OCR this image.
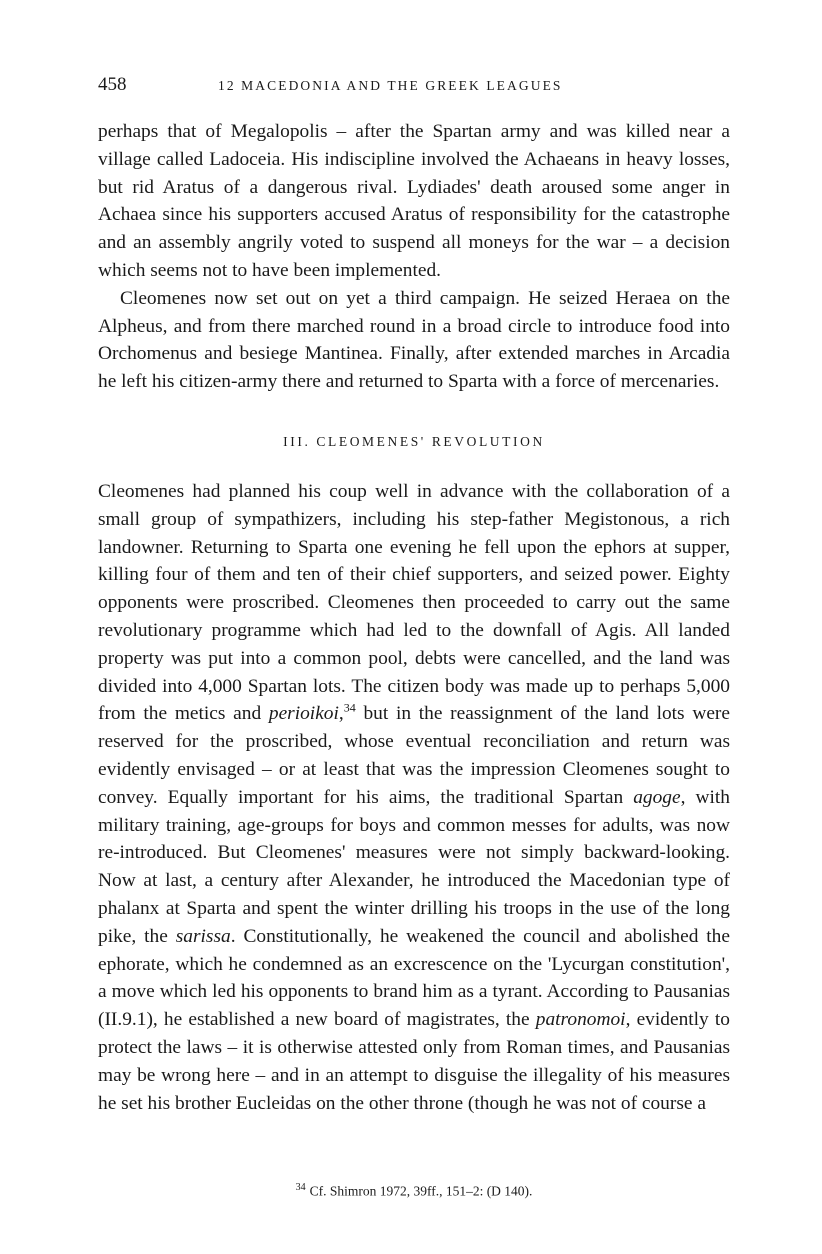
458	12 MACEDONIA AND THE GREEK LEAGUES

perhaps that of Megalopolis – after the Spartan army and was killed near a village called Ladoceia. His indiscipline involved the Achaeans in heavy losses, but rid Aratus of a dangerous rival. Lydiades' death aroused some anger in Achaea since his supporters accused Aratus of responsibility for the catastrophe and an assembly angrily voted to suspend all moneys for the war – a decision which seems not to have been implemented.

Cleomenes now set out on yet a third campaign. He seized Heraea on the Alpheus, and from there marched round in a broad circle to introduce food into Orchomenus and besiege Mantinea. Finally, after extended marches in Arcadia he left his citizen-army there and returned to Sparta with a force of mercenaries.

III. CLEOMENES' REVOLUTION

Cleomenes had planned his coup well in advance with the collaboration of a small group of sympathizers, including his step-father Megistonous, a rich landowner. Returning to Sparta one evening he fell upon the ephors at supper, killing four of them and ten of their chief supporters, and seized power. Eighty opponents were proscribed. Cleomenes then proceeded to carry out the same revolutionary programme which had led to the downfall of Agis. All landed property was put into a common pool, debts were cancelled, and the land was divided into 4,000 Spartan lots. The citizen body was made up to perhaps 5,000 from the metics and perioikoi,$^{34}$ but in the reassignment of the land lots were reserved for the proscribed, whose eventual reconciliation and return was evidently envisaged – or at least that was the impression Cleomenes sought to convey. Equally important for his aims, the traditional Spartan agoge, with military training, age-groups for boys and common messes for adults, was now re-introduced. But Cleomenes' measures were not simply backward-looking. Now at last, a century after Alexander, he introduced the Macedonian type of phalanx at Sparta and spent the winter drilling his troops in the use of the long pike, the sarissa. Constitutionally, he weakened the council and abolished the ephorate, which he condemned as an excrescence on the 'Lycurgan constitution', a move which led his opponents to brand him as a tyrant. According to Pausanias (II.9.1), he established a new board of magistrates, the patronomoi, evidently to protect the laws – it is otherwise attested only from Roman times, and Pausanias may be wrong here – and in an attempt to disguise the illegality of his measures he set his brother Eucleidas on the other throne (though he was not of course a

$^{34}$ Cf. Shimron 1972, 39ff., 151–2: (D 140).
